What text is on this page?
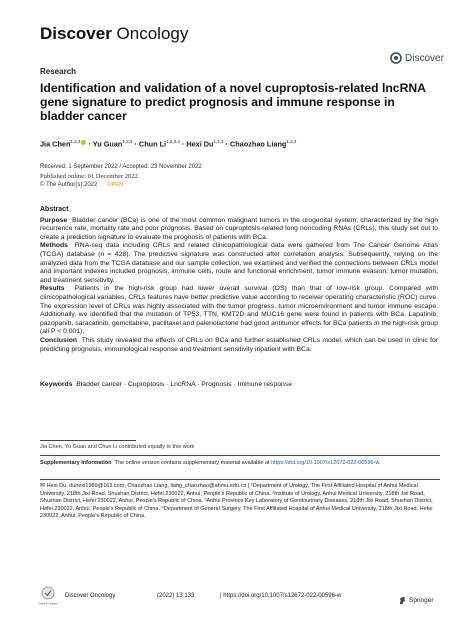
Discover Oncology
Discover
Research
Identification and validation of a novel cuproptosis-related lncRNA gene signature to predict prognosis and immune response in bladder cancer
Jia Chen$^{1,2,3}$ · Yu Guan$^{1,2,3}$ · Chun Li$^{1,2,3,4}$ · Hexi Du$^{1,2,3}$ · Chaozhao Liang$^{1,2,3}$
Received: 1 September 2022 / Accepted: 23 November 2022
Published online: 01 December 2022
© The Author(s) 2022 OPEN
Abstract

Purpose Bladder cancer (BCa) is one of the most common malignant tumors in the urogenital system, characterized by the high recurrence rate, mortality rate and poor prognosis. Based on cuproptosis-related long noncoding RNAs (CRLs), this study set out to create a prediction signature to evaluate the prognosis of patients with BCa.

Methods RNA-seq data including CRLs and related clinicopathological data were gathered from The Cancer Genome Atlas (TCGA) database (n = 428). The predictive signature was constructed after correlation analysis. Subsequently, relying on the analyzed data from the TCGA database and our sample collection, we examined and verified the connections between CRLs model and important indexes included prognosis, immune cells, route and functional enrichment, tumor immune evasion, tumor mutation, and treatment sensitivity.

Results Patients in the high-risk group had lower overall survival (OS) than that of low-risk group. Compared with clinicopathological variables, CRLs features have better predictive value according to receiver operating characteristic (ROC) curve. The expression level of CRLs was highly associated with the tumor progress, tumor microenvironment and tumor immune escape. Additionally, we identified that the mutation of TP53, TTN, KMT2D and MUC16 gene were found in patients with BCa. Lapatinib, pazopanib, saracatinib, gemcitabine, paclitaxel and palenolactone had good antitumor effects for BCa patients in the high-risk group (all P < 0.001).

Conclusion This study revealed the effects of CRLs on BCa and further established CRLs model, which can be used in clinic for predicting prognosis, immunological response and treatment sensitivity inpatient with BCa.

Keywords Bladder cancer · Cuproptosis · LncRNA · Prognosis · Immune response
Jia Chen, Yu Guan and Chun Li contributed equally to this work
Supplementary Information The online version contains supplementary material available at https://doi.org/10.1007/s12672-022-00596-w.
✉ Hexi Du, duhexi1989@163.com; Chaozhao Liang, liang_chaozhao@ahmu.edu.cn | ¹Department of Urology, The First Affiliated Hospital of Anhui Medical University, 218th Jixi Road, Shushan District, Hefei 230022, Anhui, People's Republic of China. ²Institute of Urology, Anhui Medical University, 218th Jixi Road, Shushan District, Hefei 230022, Anhui, People's Republic of China. ³Anhui Province Key Laboratory of Genitourinary Diseases, 218th Jixi Road, Shushan District, Hefei 230022, Anhui, People's Republic of China. ⁴Department of General Surgery, The First Affiliated Hospital of Anhui Medical University, 218th Jixi Road, Hefei 230022, Anhui, People's Republic of China.
Check for updates
Discover Oncology	(2022) 13:133	| https://doi.org/10.1007/s12672-022-00596-w
Springer
